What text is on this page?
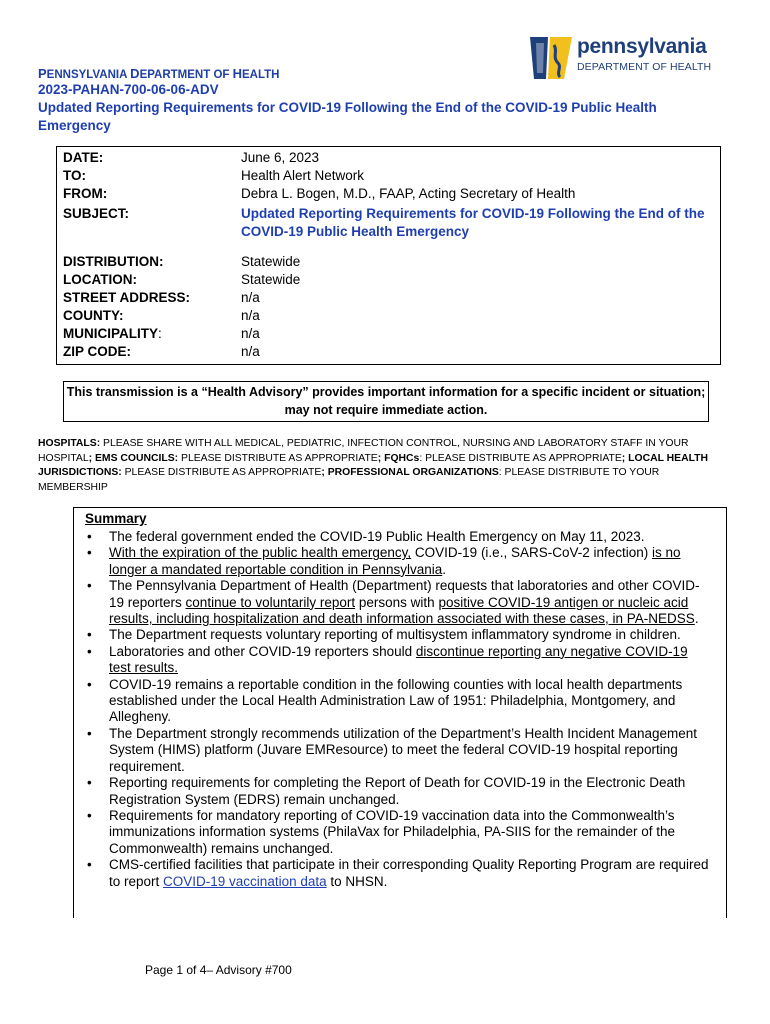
pennsylvania
DEPARTMENT OF HEALTH
PENNSYLVANIA DEPARTMENT OF HEALTH
2023-PAHAN-700-06-06-ADV
Updated Reporting Requirements for COVID-19 Following the End of the COVID-19 Public Health Emergency
DATE:	June 6, 2023
TO:	Health Alert Network
FROM:	Debra L. Bogen, M.D., FAAP, Acting Secretary of Health
SUBJECT:	Updated Reporting Requirements for COVID-19 Following the End of the COVID-19 Public Health Emergency
DISTRIBUTION:	Statewide
LOCATION:	Statewide
STREET ADDRESS:	n/a
COUNTY:	n/a
MUNICIPALITY:	n/a
ZIP CODE:	n/a
This transmission is a “Health Advisory” provides important information for a specific incident or situation; may not require immediate action.
HOSPITALS: PLEASE SHARE WITH ALL MEDICAL, PEDIATRIC, INFECTION CONTROL, NURSING AND LABORATORY STAFF IN YOUR HOSPITAL; EMS COUNCILS: PLEASE DISTRIBUTE AS APPROPRIATE; FQHCs: PLEASE DISTRIBUTE AS APPROPRIATE; LOCAL HEALTH JURISDICTIONS: PLEASE DISTRIBUTE AS APPROPRIATE; PROFESSIONAL ORGANIZATIONS: PLEASE DISTRIBUTE TO YOUR MEMBERSHIP
Summary
• The federal government ended the COVID-19 Public Health Emergency on May 11, 2023.
• With the expiration of the public health emergency, COVID-19 (i.e., SARS-CoV-2 infection) is no longer a mandated reportable condition in Pennsylvania.
• The Pennsylvania Department of Health (Department) requests that laboratories and other COVID-19 reporters continue to voluntarily report persons with positive COVID-19 antigen or nucleic acid results, including hospitalization and death information associated with these cases, in PA-NEDSS.
• The Department requests voluntary reporting of multisystem inflammatory syndrome in children.
• Laboratories and other COVID-19 reporters should discontinue reporting any negative COVID-19 test results.
• COVID-19 remains a reportable condition in the following counties with local health departments established under the Local Health Administration Law of 1951: Philadelphia, Montgomery, and Allegheny.
• The Department strongly recommends utilization of the Department’s Health Incident Management System (HIMS) platform (Juvare EMResource) to meet the federal COVID-19 hospital reporting requirement.
• Reporting requirements for completing the Report of Death for COVID-19 in the Electronic Death Registration System (EDRS) remain unchanged.
• Requirements for mandatory reporting of COVID-19 vaccination data into the Commonwealth’s immunizations information systems (PhilaVax for Philadelphia, PA-SIIS for the remainder of the Commonwealth) remains unchanged.
• CMS-certified facilities that participate in their corresponding Quality Reporting Program are required to report COVID-19 vaccination data to NHSN.
Page 1 of 4– Advisory #700
